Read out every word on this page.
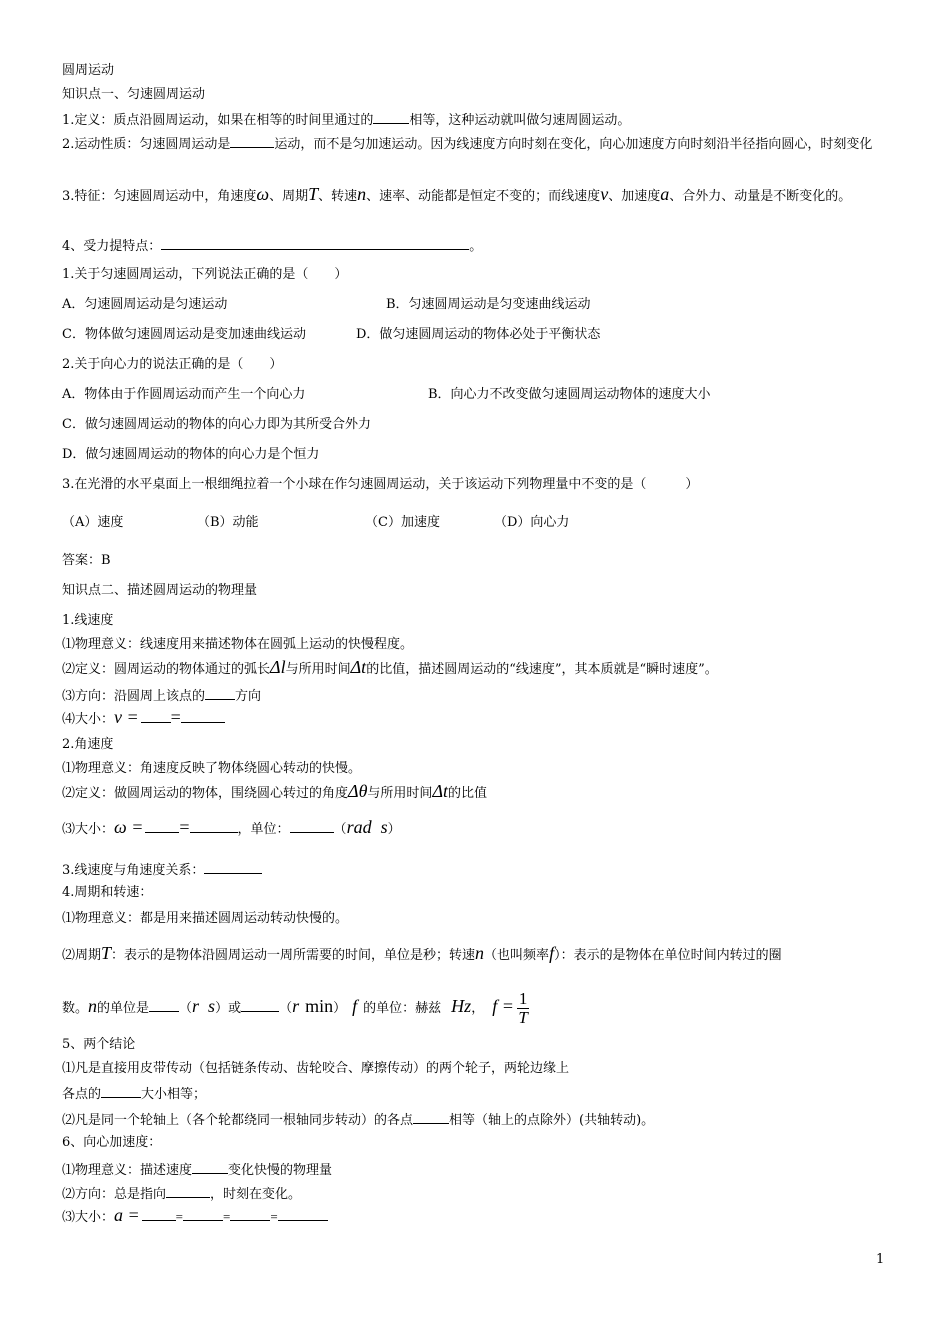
圆周运动
知识点一、匀速圆周运动
1.定义：质点沿圆周运动，如果在相等的时间里通过的	相等，这种运动就叫做匀速周圆运动。
2.运动性质：匀速圆周运动是	运动，而不是匀加速运动。因为线速度方向时刻在变化，向心加速度方向时刻沿半径指向圆心，时刻变化
3.特征：匀速圆周运动中，角速度ω、周期T、转速n、速率、动能都是恒定不变的；而线速度v、加速度a、合外力、动量是不断变化的。
4、受力提特点：	。
1.关于匀速圆周运动，下列说法正确的是（　　）
A．匀速圆周运动是匀速运动	B．匀速圆周运动是匀变速曲线运动
C．物体做匀速圆周运动是变加速曲线运动	D．做匀速圆周运动的物体必处于平衡状态
2.关于向心力的说法正确的是（　　）
A．物体由于作圆周运动而产生一个向心力	B．向心力不改变做匀速圆周运动物体的速度大小
C．做匀速圆周运动的物体的向心力即为其所受合外力
D．做匀速圆周运动的物体的向心力是个恒力
3.在光滑的水平桌面上一根细绳拉着一个小球在作匀速圆周运动，关于该运动下列物理量中不变的是（　　　）
（A）速度	（B）动能	（C）加速度	（D）向心力
答案：B
知识点二、描述圆周运动的物理量
1.线速度
⑴物理意义：线速度用来描述物体在圆弧上运动的快慢程度。
⑵定义：圆周运动的物体通过的弧长Δl与所用时间Δt的比值，描述圆周运动的“线速度”，其本质就是“瞬时速度”。
⑶方向：沿圆周上该点的 方向
⑷大小：v = =
2.角速度
⑴物理意义：角速度反映了物体绕圆心转动的快慢。
⑵定义：做圆周运动的物体，围绕圆心转过的角度Δθ与所用时间Δt的比值
⑶大小：ω = =	，单位：	（rad  s）
3.线速度与角速度关系：
4.周期和转速：
⑴物理意义：都是用来描述圆周运动转动快慢的。
⑵周期T：表示的是物体沿圆周运动一周所需要的时间，单位是秒；转速n（也叫频率f）：表示的是物体在单位时间内转过的圈
数。n的单位是 （r  s）或	（r min） f 的单位：赫兹 Hz， $f = \frac{1}{T}$
5、两个结论
⑴凡是直接用皮带传动（包括链条传动、齿轮咬合、摩擦传动）的两个轮子，两轮边缘上
各点的	大小相等；
⑵凡是同一个轮轴上（各个轮都绕同一根轴同步转动）的各点	相等（轴上的点除外）(共轴转动)。
6、向心加速度：
⑴物理意义：描述速度	变化快慢的物理量
⑵方向：总是指向	，时刻在变化。
⑶大小：a =	=	=	=
1
